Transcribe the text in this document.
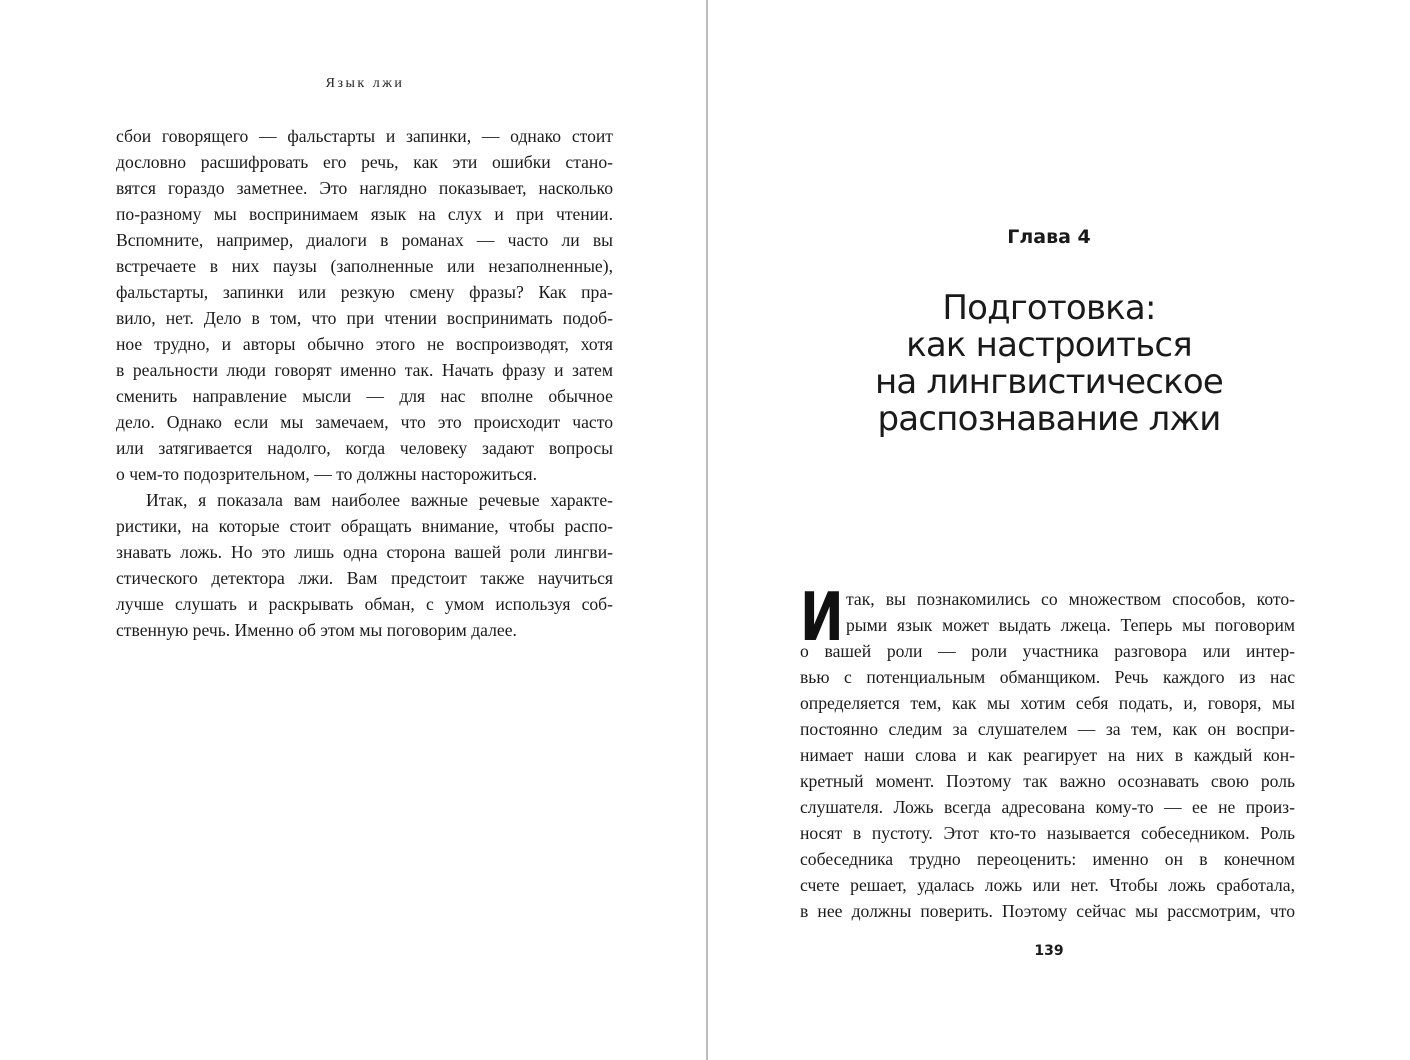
Язык лжи
сбои говорящего — фальстарты и запинки, — однако стоит
дословно расшифровать его речь, как эти ошибки стано-
вятся гораздо заметнее. Это наглядно показывает, насколько
по-разному мы воспринимаем язык на слух и при чтении.
Вспомните, например, диалоги в романах — часто ли вы
встречаете в них паузы (заполненные или незаполненные),
фальстарты, запинки или резкую смену фразы? Как пра-
вило, нет. Дело в том, что при чтении воспринимать подоб-
ное трудно, и авторы обычно этого не воспроизводят, хотя
в реальности люди говорят именно так. Начать фразу и затем
сменить направление мысли — для нас вполне обычное
дело. Однако если мы замечаем, что это происходит часто
или затягивается надолго, когда человеку задают вопросы
о чем-то подозрительном, — то должны насторожиться.
Итак, я показала вам наиболее важные речевые характе-
ристики, на которые стоит обращать внимание, чтобы распо-
знавать ложь. Но это лишь одна сторона вашей роли лингви-
стического детектора лжи. Вам предстоит также научиться
лучше слушать и раскрывать обман, с умом используя соб-
ственную речь. Именно об этом мы поговорим далее.
Глава 4
Подготовка:
как настроиться
на лингвистическое
распознавание лжи
И так, вы познакомились со множеством способов, кото-
рыми язык может выдать лжеца. Теперь мы поговорим
о вашей роли — роли участника разговора или интер-
вью с потенциальным обманщиком. Речь каждого из нас
определяется тем, как мы хотим себя подать, и, говоря, мы
постоянно следим за слушателем — за тем, как он воспри-
нимает наши слова и как реагирует на них в каждый кон-
кретный момент. Поэтому так важно осознавать свою роль
слушателя. Ложь всегда адресована кому-то — ее не произ-
носят в пустоту. Этот кто-то называется собеседником. Роль
собеседника трудно переоценить: именно он в конечном
счете решает, удалась ложь или нет. Чтобы ложь сработала,
в нее должны поверить. Поэтому сейчас мы рассмотрим, что
139
